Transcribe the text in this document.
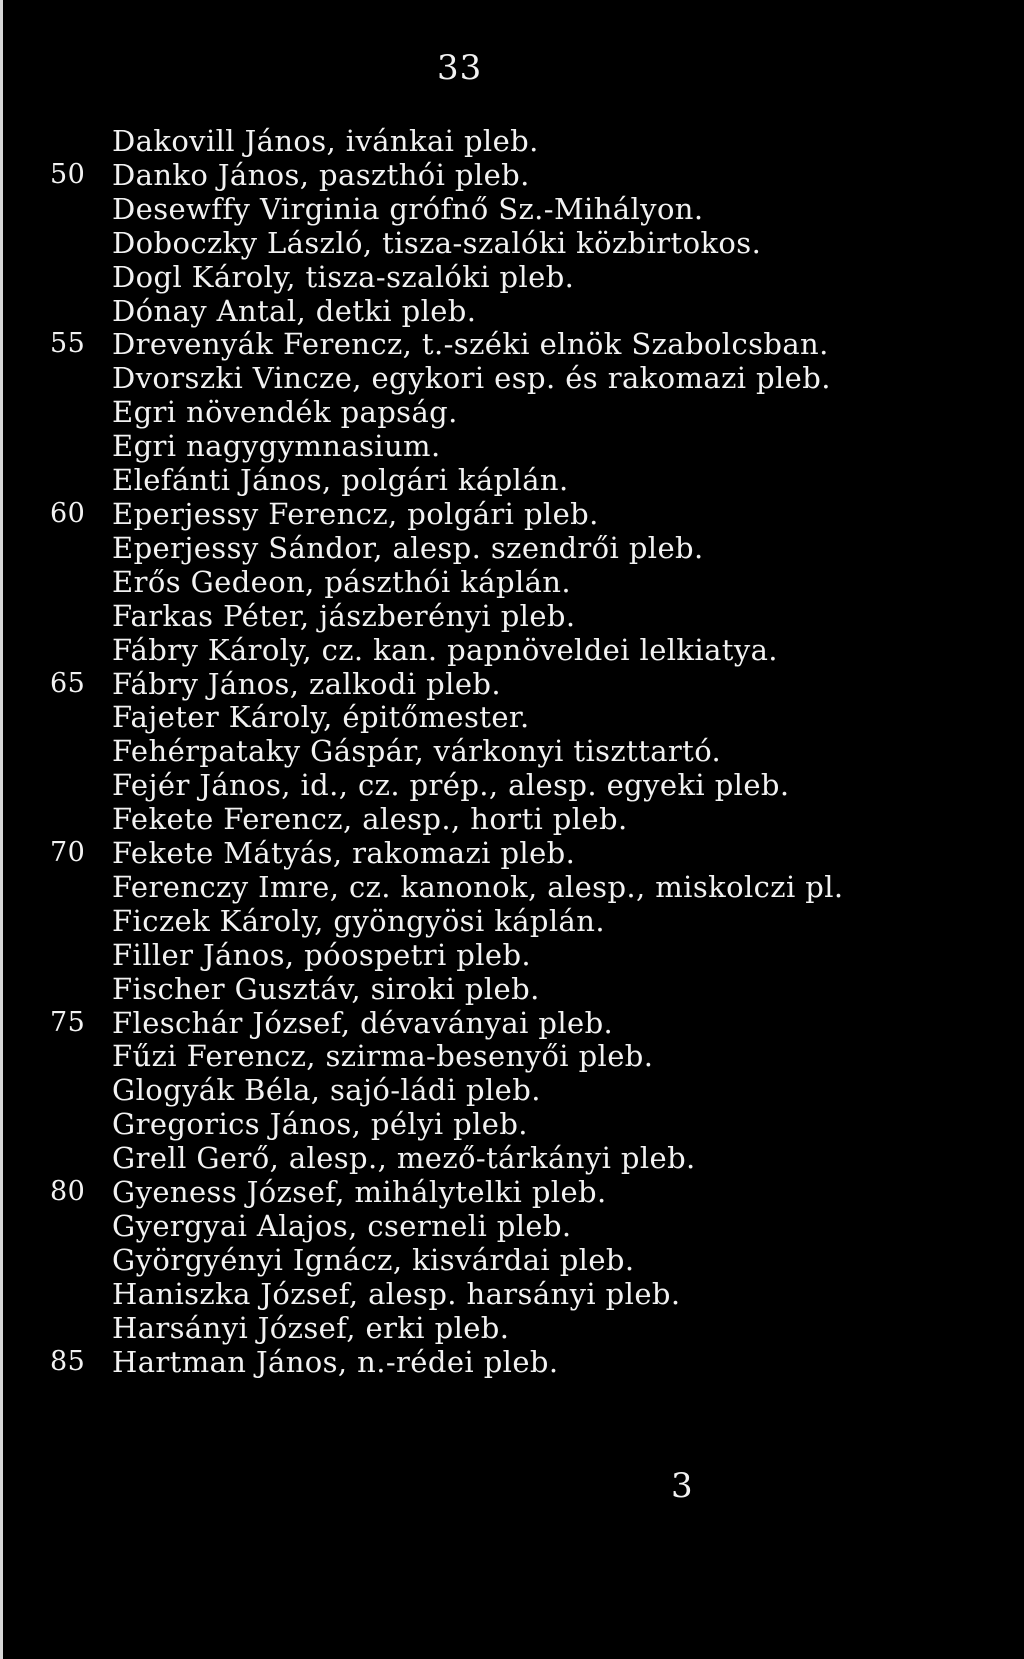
33
Dakovill János, ivánkai pleb.
50 Danko János, paszthói pleb.
Desewffy Virginia grófnő Sz.-Mihályon.
Doboczky László, tisza-szalóki közbirtokos.
Dogl Károly, tisza-szalóki pleb.
Dónay Antal, detki pleb.
55 Drevenyák Ferencz, t.-széki elnök Szabolcsban.
Dvorszki Vincze, egykori esp. és rakomazi pleb.
Egri növendék papság.
Egri nagygymnasium.
Elefánti János, polgári káplán.
60 Eperjessy Ferencz, polgári pleb.
Eperjessy Sándor, alesp. szendrői pleb.
Erős Gedeon, pászthói káplán.
Farkas Péter, jászberényi pleb.
Fábry Károly, cz. kan. papnöveldei lelkiatya.
65 Fábry János, zalkodi pleb.
Fajeter Károly, épitőmester.
Fehérpataky Gáspár, várkonyi tiszttartó.
Fejér János, id., cz. prép., alesp. egyeki pleb.
Fekete Ferencz, alesp., horti pleb.
70 Fekete Mátyás, rakomazi pleb.
Ferenczy Imre, cz. kanonok, alesp., miskolczi pl.
Ficzek Károly, gyöngyösi káplán.
Filler János, póospetri pleb.
Fischer Gusztáv, siroki pleb.
75 Fleschár József, dévaványai pleb.
Fűzi Ferencz, szirma-besenyői pleb.
Glogyák Béla, sajó-ládi pleb.
Gregorics János, pélyi pleb.
Grell Gerő, alesp., mező-tárkányi pleb.
80 Gyeness József, mihálytelki pleb.
Gyergyai Alajos, cserneli pleb.
Györgyényi Ignácz, kisvárdai pleb.
Haniszka József, alesp. harsányi pleb.
Harsányi József, erki pleb.
85 Hartman János, n.-rédei pleb.
3
